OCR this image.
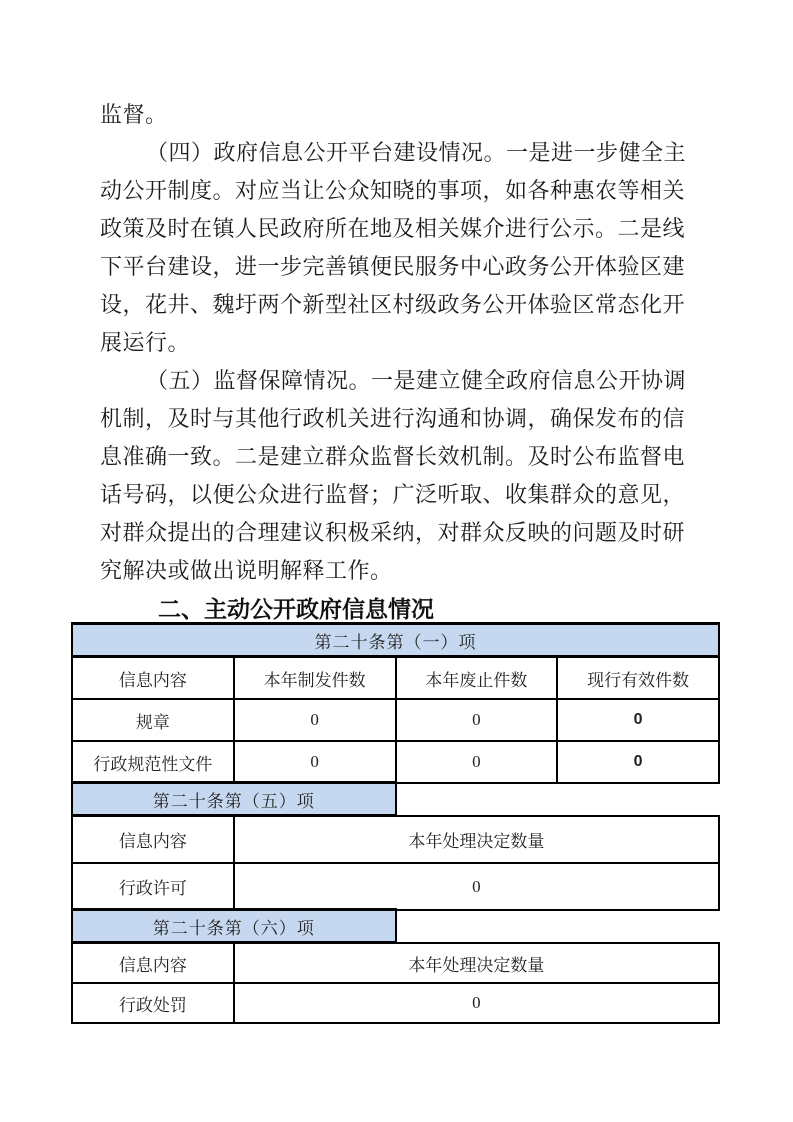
监督。
（四）政府信息公开平台建设情况。一是进一步健全主
动公开制度。对应当让公众知晓的事项，如各种惠农等相关
政策及时在镇人民政府所在地及相关媒介进行公示。二是线
下平台建设，进一步完善镇便民服务中心政务公开体验区建
设，花井、魏圩两个新型社区村级政务公开体验区常态化开
展运行。
（五）监督保障情况。一是建立健全政府信息公开协调
机制，及时与其他行政机关进行沟通和协调，确保发布的信
息准确一致。二是建立群众监督长效机制。及时公布监督电
话号码，以便公众进行监督；广泛听取、收集群众的意见，
对群众提出的合理建议积极采纳，对群众反映的问题及时研
究解决或做出说明解释工作。
二、主动公开政府信息情况
第二十条第（一）项			
信息内容	本年制发件数	本年废止件数	现行有效件数
规章	0	0	0
行政规范性文件	0	0	0
第二十条第（五）项	
信息内容	本年处理决定数量
行政许可	0
第二十条第（六）项	
信息内容	本年处理决定数量
行政处罚	0
